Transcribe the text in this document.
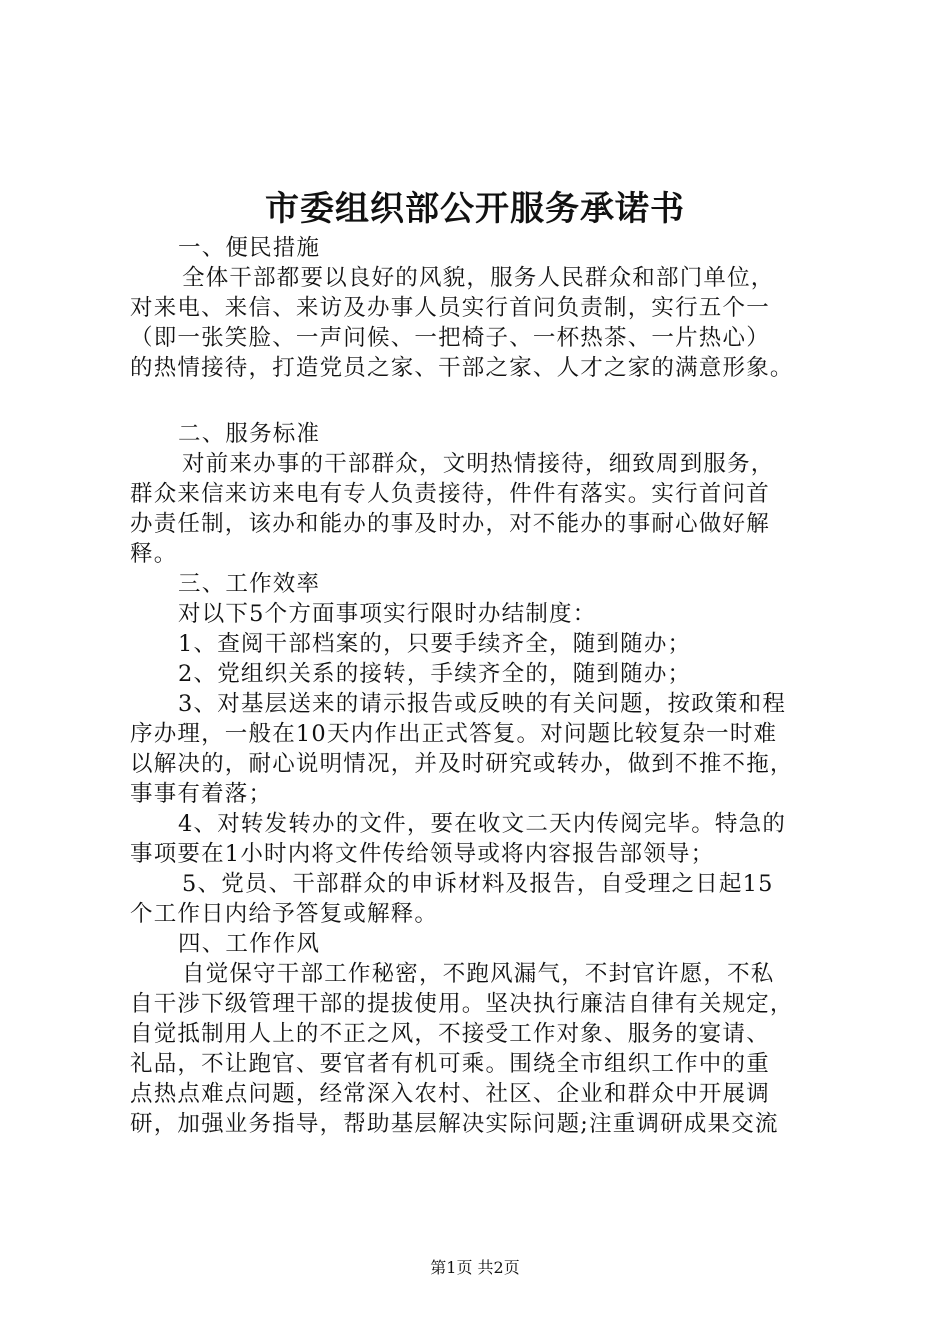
市委组织部公开服务承诺书
一、便民措施
全体干部都要以良好的风貌，服务人民群众和部门单位，
对来电、来信、来访及办事人员实行首问负责制，实行五个一
（即一张笑脸、一声问候、一把椅子、一杯热茶、一片热心）
的热情接待，打造党员之家、干部之家、人才之家的满意形象。
二、服务标准
对前来办事的干部群众，文明热情接待，细致周到服务，
群众来信来访来电有专人负责接待，件件有落实。实行首问首
办责任制，该办和能办的事及时办，对不能办的事耐心做好解
释。
三、工作效率
对以下5个方面事项实行限时办结制度：
1、查阅干部档案的，只要手续齐全，随到随办；
2、党组织关系的接转，手续齐全的，随到随办；
3、对基层送来的请示报告或反映的有关问题，按政策和程
序办理，一般在10天内作出正式答复。对问题比较复杂一时难
以解决的，耐心说明情况，并及时研究或转办，做到不推不拖，
事事有着落；
4、对转发转办的文件，要在收文二天内传阅完毕。特急的
事项要在1小时内将文件传给领导或将内容报告部领导；
5、党员、干部群众的申诉材料及报告，自受理之日起15
个工作日内给予答复或解释。
四、工作作风
自觉保守干部工作秘密，不跑风漏气，不封官许愿，不私
自干涉下级管理干部的提拔使用。坚决执行廉洁自律有关规定，
自觉抵制用人上的不正之风，不接受工作对象、服务的宴请、
礼品，不让跑官、要官者有机可乘。围绕全市组织工作中的重
点热点难点问题，经常深入农村、社区、企业和群众中开展调
研，加强业务指导，帮助基层解决实际问题;注重调研成果交流
第1页 共2页
